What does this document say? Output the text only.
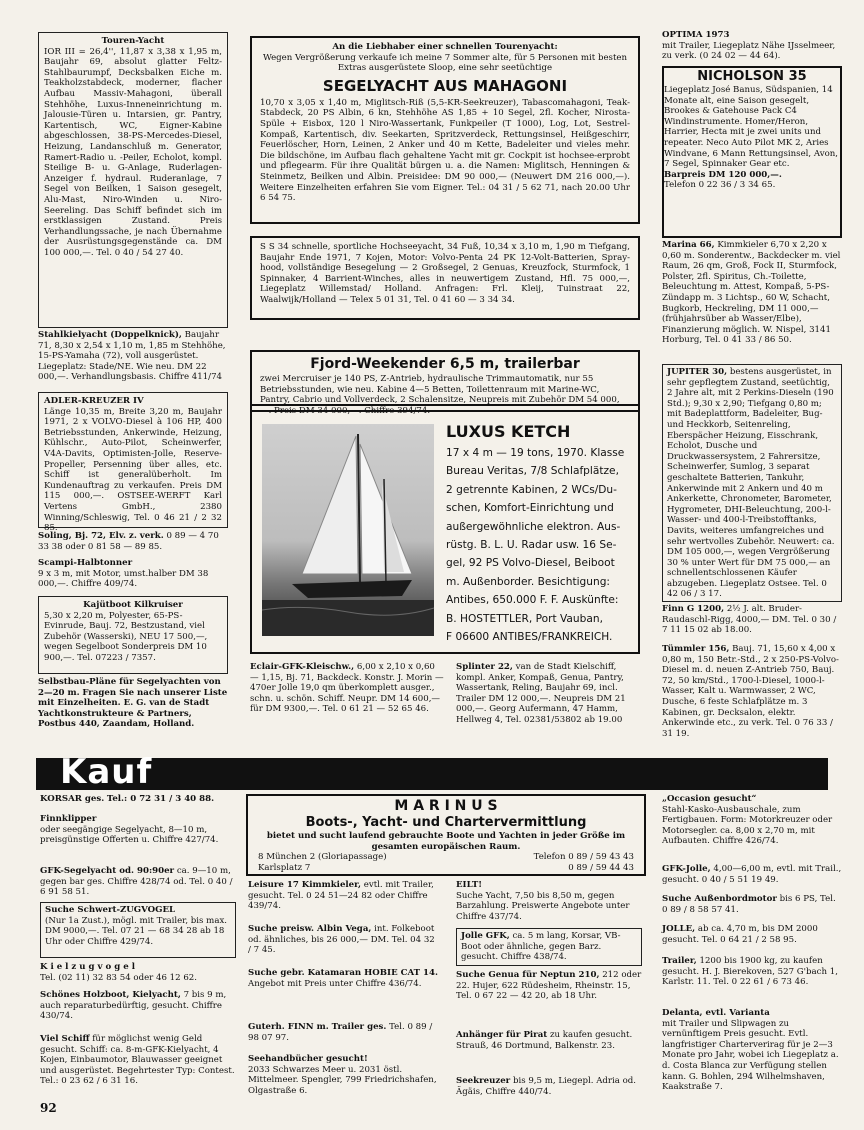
Touren-Yacht
IOR III = 26,4'', 11,87 x 3,38 x 1,95 m, Baujahr 69, absolut glatter Feltz-Stahlbaurumpf, Decksbalken Eiche m. Teakholzstabdeck, moderner, flacher Aufbau Massiv-Mahagoni, überall Stehhöhe, Luxus-Inneneinrichtung m. Jalousie-Türen u. Intarsien, gr. Pantry, Kartentisch, WC, Eigner-Kabine abgeschlossen, 38-PS-Mercedes-Diesel, Heizung, Landanschluß m. Generator, Ramert-Radio u. -Peiler, Echolot, kompl. Steilige B- u. G-Anlage, Ruderlagen-Anzeiger f. hydraul. Ruderanlage, 7 Segel von Beilken, 1 Saison gesegelt, Alu-Mast, Niro-Winden u. Niro-Seereling. Das Schiff befindet sich im erstklassigen Zustand. Preis Verhandlungssache, je nach Übernahme der Ausrüstungsgegenstände ca. DM 100 000,—. Tel. 0 40 / 54 27 40.
Stahlkielyacht (Doppelknick), Baujahr 71, 8,30 x 2,54 x 1,10 m, 1,85 m Stehhöhe, 15-PS-Yamaha (72), voll ausgerüstet. Liegeplatz: Stade/NE. Wie neu. DM 22 000,—. Verhandlungsbasis. Chiffre 411/74
ADLER-KREUZER IV
Länge 10,35 m, Breite 3,20 m, Baujahr 1971, 2 x VOLVO-Diesel à 106 HP, 400 Betriebsstunden, Ankerwinde, Heizung, Kühlschr., Auto-Pilot, Scheinwerfer, V4A-Davits, Optimisten-Jolle, Reserve-Propeller, Persenning über alles, etc. Schiff ist generalüberholt. Im Kundenauftrag zu verkaufen. Preis DM 115 000,—. OSTSEE-WERFT Karl Vertens GmbH., 2380 Winning/Schleswig, Tel. 0 46 21 / 2 32 85.
Soling, Bj. 72, Elv. z. verk. 0 89 — 4 70 33 38 oder 0 81 58 — 89 85.
Scampi-Halbtonner
9 x 3 m, mit Motor, umst.halber DM 38 000,—. Chiffre 409/74.
Kajütboot Kilkruiser
5,30 x 2,20 m, Polyester, 65-PS-Evinrude, Bauj. 72, Bestzustand, viel Zubehör (Wasserski), NEU 17 500,—, wegen Segelboot Sonderpreis DM 10 900,—. Tel. 07223 / 7357.
Selbstbau-Pläne für Segelyachten von 2—20 m. Fragen Sie nach unserer Liste mit Einzelheiten. E. G. van de Stadt Yachtkonstrukteure & Partners, Postbus 440, Zaandam, Holland.
An die Liebhaber einer schnellen Tourenyacht:
Wegen Vergrößerung verkaufe ich meine 7 Sommer alte, für 5 Personen mit besten Extras ausgerüstete Sloop, eine sehr seetüchtige
SEGELYACHT AUS MAHAGONI
10,70 x 3,05 x 1,40 m, Miglitsch-Riß (5,5-KR-Seekreuzer), Tabascomahagoni, Teak-Stabdeck, 20 PS Albin, 6 kn, Stehhöhe AS 1,85 + 10 Segel, 2fl. Kocher, Nirosta-Spüle + Eisbox, 120 l Niro-Wassertank, Funkpeiler (T 1000), Log, Lot, Sestrel-Kompaß, Kartentisch, div. Seekarten, Spritzverdeck, Rettungsinsel, Heißgeschirr, Feuerlöscher, Horn, Leinen, 2 Anker und 40 m Kette, Badeleiter und vieles mehr. Die bildschöne, im Aufbau flach gehaltene Yacht mit gr. Cockpit ist hochsee-erprobt und pflegearm. Für ihre Qualität bürgen u. a. die Namen: Miglitsch, Henningen & Steinmetz, Beilken und Albin. Preisidee: DM 90 000,— (Neuwert DM 216 000,—). Weitere Einzelheiten erfahren Sie vom Eigner. Tel.: 04 31 / 5 62 71, nach 20.00 Uhr 6 54 75.
S S 34 schnelle, sportliche Hochseeyacht, 34 Fuß, 10,34 x 3,10 m, 1,90 m Tiefgang, Baujahr Ende 1971, 7 Kojen, Motor: Volvo-Penta 24 PK 12-Volt-Batterien, Spray-hood, vollständige Besegelung — 2 Großsegel, 2 Genuas, Kreuzfock, Sturmfock, 1 Spinnaker, 4 Barrient-Winches, alles in neuwertigem Zustand, Hfl. 75 000,—, Liegeplatz Willemstad/ Holland. Anfragen: Frl. Kleij, Tuinstraat 22, Waalwijk/Holland — Telex 5 01 31, Tel. 0 41 60 — 3 34 34.
Fjord-Weekender 6,5 m, trailerbar
zwei Mercruiser je 140 PS, Z-Antrieb, hydraulische Trimmautomatik, nur 55 Betriebsstunden, wie neu. Kabine 4—5 Betten, Toilettenraum mit Marine-WC, Pantry, Cabrio und Vollverdeck, 2 Schalensitze, Neupreis mit Zubehör DM 54 000,—. Preis DM 34 000,—. Chiffre 394/74.
LUXUS KETCH
17 x 4 m — 19 tons, 1970. Klasse
Bureau Veritas, 7/8 Schlafplätze,
2 getrennte Kabinen, 2 WCs/Du-
schen, Komfort-Einrichtung und
außergewöhnliche elektron. Aus-
rüstg. B. L. U. Radar usw. 16 Se-
gel, 92 PS Volvo-Diesel, Beiboot
m. Außenborder. Besichtigung:
Antibes, 650.000 F. F. Auskünfte:
B. HOSTETTLER, Port Vauban,
F 06600 ANTIBES/FRANKREICH.
Eclair-GFK-Kleischw., 6,00 x 2,10 x 0,60 — 1,15, Bj. 71, Backdeck. Konstr. J. Morin — 470er Jolle 19,0 qm überkomplett ausger., schn. u. schön. Schiff. Neupr. DM 14 600,— für DM 9300,—. Tel. 0 61 21 — 52 65 46.
Splinter 22, van de Stadt Kielschiff, kompl. Anker, Kompaß, Genua, Pantry, Wassertank, Reling, Baujahr 69, incl. Trailer DM 12 000,—. Neupreis DM 21 000,—. Georg Aufermann, 47 Hamm, Hellweg 4, Tel. 02381/53802 ab 19.00
OPTIMA 1973
mit Trailer, Liegeplatz Nähe IJsselmeer, zu verk. (0 24 02 — 44 64).
NICHOLSON 35
Liegeplatz José Banus, Südspanien, 14 Monate alt, eine Saison gesegelt, Brookes & Gatehouse Pack C4 Windinstrumente. Homer/Heron, Harrier, Hecta mit je zwei units und repeater. Neco Auto Pilot MK 2, Aries Windvane, 6 Mann Rettungsinsel, Avon, 7 Segel, Spinnaker Gear etc.
Barpreis DM 120 000,—.
Telefon 0 22 36 / 3 34 65.
Marina 66, Kimmkieler 6,70 x 2,20 x 0,60 m. Sonderentw., Backdecker m. viel Raum, 26 qm, Groß, Fock II, Sturmfock, Polster, 2fl. Spiritus, Ch.-Toilette, Beleuchtung m. Attest, Kompaß, 5-PS-Zündapp m. 3 Lichtsp., 60 W, Schacht, Bugkorb, Heckreling, DM 11 000,— (frühjahrsüber ab Wasser/Elbe), Finanzierung möglich. W. Nispel, 3141 Horburg, Tel. 0 41 33 / 86 50.
JUPITER 30, bestens ausgerüstet, in sehr gepflegtem Zustand, seetüchtig, 2 Jahre alt, mit 2 Perkins-Dieseln (190 Std.); 9,30 x 2,90; Tiefgang 0,80 m; mit Badeplattform, Badeleiter, Bug- und Heckkorb, Seitenreling, Eberspächer Heizung, Eisschrank, Echolot, Dusche und Druckwassersystem, 2 Fahrersitze, Scheinwerfer, Sumlog, 3 separat geschaltete Batterien, Tankuhr, Ankerwinde mit 2 Ankern und 40 m Ankerkette, Chronometer, Barometer, Hygrometer, DHI-Beleuchtung, 200-l-Wasser- und 400-l-Treibstofftanks, Davits, weiteres umfangreiches und sehr wertvolles Zubehör. Neuwert: ca. DM 105 000,—, wegen Vergrößerung 30 % unter Wert für DM 75 000,— an schnellentschlossenen Käufer abzugeben. Liegeplatz Ostsee. Tel. 0 42 06 / 3 17.
Finn G 1200, 2½ J. alt. Bruder-Raudaschl-Rigg, 4000,— DM. Tel. 0 30 / 7 11 15 02 ab 18.00.
Tümmler 156, Bauj. 71, 15,60 x 4,00 x 0,80 m, 150 Betr.-Std., 2 x 250-PS-Volvo-Diesel m. d. neuen Z-Antrieb 750, Bauj. 72, 50 km/Std., 1700-l-Diesel, 1000-l-Wasser, Kalt u. Warmwasser, 2 WC, Dusche, 6 feste Schlafplätze m. 3 Kabinen, gr. Decksalon, elektr. Ankerwinde etc., zu verk. Tel. 0 76 33 / 31 19.
Kauf
KORSAR ges. Tel.: 0 72 31 / 3 40 88.
Finnklipper
oder seegängige Segelyacht, 8—10 m, preisgünstige Offerten u. Chiffre 427/74.
GFK-Segelyacht od. 90:90er ca. 9—10 m, gegen bar ges. Chiffre 428/74 od. Tel. 0 40 / 6 91 58 51.
Suche Schwert-ZUGVOGEL
(Nur 1a Zust.), mögl. mit Trailer, bis max. DM 9000,—. Tel. 07 21 — 68 34 28 ab 18 Uhr oder Chiffre 429/74.
K i e l z u g v o g e l
Tel. (02 11) 32 83 54 oder 46 12 62.
Schönes Holzboot, Kielyacht, 7 bis 9 m, auch reparaturbedürftig, gesucht. Chiffre 430/74.
Viel Schiff für möglichst wenig Geld gesucht. Schiff: ca. 8-m-GFK-Kielyacht, 4 Kojen, Einbaumotor, Blauwasser geeignet und ausgerüstet. Begehrtester Typ: Contest. Tel.: 0 23 62 / 6 31 16.
M A R I N U S
Boots-, Yacht- und Chartervermittlung
bietet und sucht laufend gebrauchte Boote und Yachten in jeder Größe im gesamten europäischen Raum.
8 München 2 (Gloriapassage)	Telefon 0 89 / 59 43 43
Karlsplatz 7	0 89 / 59 44 43
Leisure 17 Kimmkieler, evtl. mit Trailer, gesucht. Tel. 0 24 51—24 82 oder Chiffre 439/74.
Suche preisw. Albin Vega, int. Folkeboot od. ähnliches, bis 26 000,— DM. Tel. 04 32 / 7 45.
Suche gebr. Katamaran HOBIE CAT 14. Angebot mit Preis unter Chiffre 436/74.
Guterh. FINN m. Trailer ges. Tel. 0 89 / 98 07 97.
Seehandbücher gesucht!
2033 Schwarzes Meer u. 2031 östl. Mittelmeer. Spengler, 799 Friedrichshafen, Olgastraße 6.
EILT!
Suche Yacht, 7,50 bis 8,50 m, gegen Barzahlung. Preiswerte Angebote unter Chiffre 437/74.
Jolle GFK, ca. 5 m lang, Korsar, VB-Boot oder ähnliche, gegen Barz. gesucht. Chiffre 438/74.
Suche Genua für Neptun 210, 212 oder 22. Hujer, 622 Rüdesheim, Rheinstr. 15, Tel. 0 67 22 — 42 20, ab 18 Uhr.
Anhänger für Pirat zu kaufen gesucht. Strauß, 46 Dortmund, Balkenstr. 23.
Seekreuzer bis 9,5 m, Liegepl. Adria od. Ägäis, Chiffre 440/74.
„Occasion gesucht“
Stahl-Kasko-Ausbauschale, zum Fertigbauen. Form: Motorkreuzer oder Motorsegler. ca. 8,00 x 2,70 m, mit Aufbauten. Chiffre 426/74.
GFK-Jolle, 4,00—6,00 m, evtl. mit Trail., gesucht. 0 40 / 5 51 19 49.
Suche Außenbordmotor bis 6 PS, Tel. 0 89 / 8 58 57 41.
JOLLE, ab ca. 4,70 m, bis DM 2000 gesucht. Tel. 0 64 21 / 2 58 95.
Trailer, 1200 bis 1900 kg, zu kaufen gesucht. H. J. Bierekoven, 527 G'bach 1, Karlstr. 11. Tel. 0 22 61 / 6 73 46.
Delanta, evtl. Varianta
mit Trailer und Slipwagen zu vernünftigem Preis gesucht. Evtl. langfristiger Charterverirag für je 2—3 Monate pro Jahr, wobei ich Liegeplatz a. d. Costa Blanca zur Verfügung stellen kann. G. Bohlen, 294 Wilhelmshaven, Kaakstraße 7.
92
